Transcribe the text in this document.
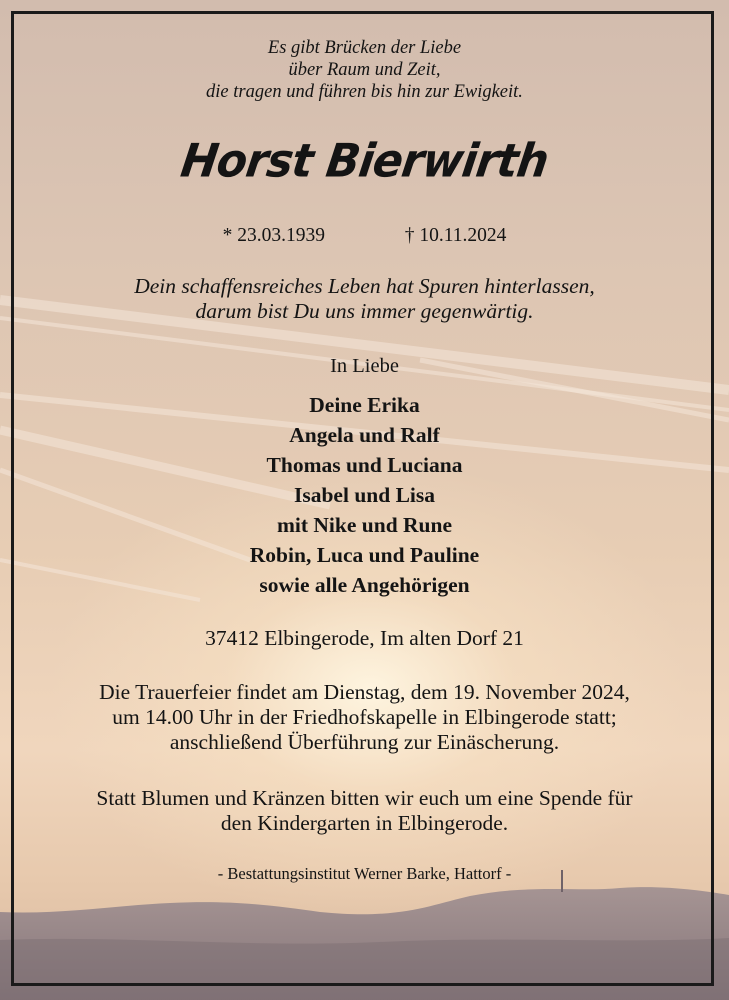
Es gibt Brücken der Liebe
über Raum und Zeit,
die tragen und führen bis hin zur Ewigkeit.
Horst Bierwirth
* 23.03.1939	† 10.11.2024
Dein schaffensreiches Leben hat Spuren hinterlassen,
darum bist Du uns immer gegenwärtig.
In Liebe
Deine Erika
Angela und Ralf
Thomas und Luciana
Isabel und Lisa
mit Nike und Rune
Robin, Luca und Pauline
sowie alle Angehörigen
37412 Elbingerode, Im alten Dorf 21
Die Trauerfeier findet am Dienstag, dem 19. November 2024,
um 14.00 Uhr in der Friedhofskapelle in Elbingerode statt;
anschließend Überführung zur Einäscherung.
Statt Blumen und Kränzen bitten wir euch um eine Spende für
den Kindergarten in Elbingerode.
- Bestattungsinstitut Werner Barke, Hattorf -
